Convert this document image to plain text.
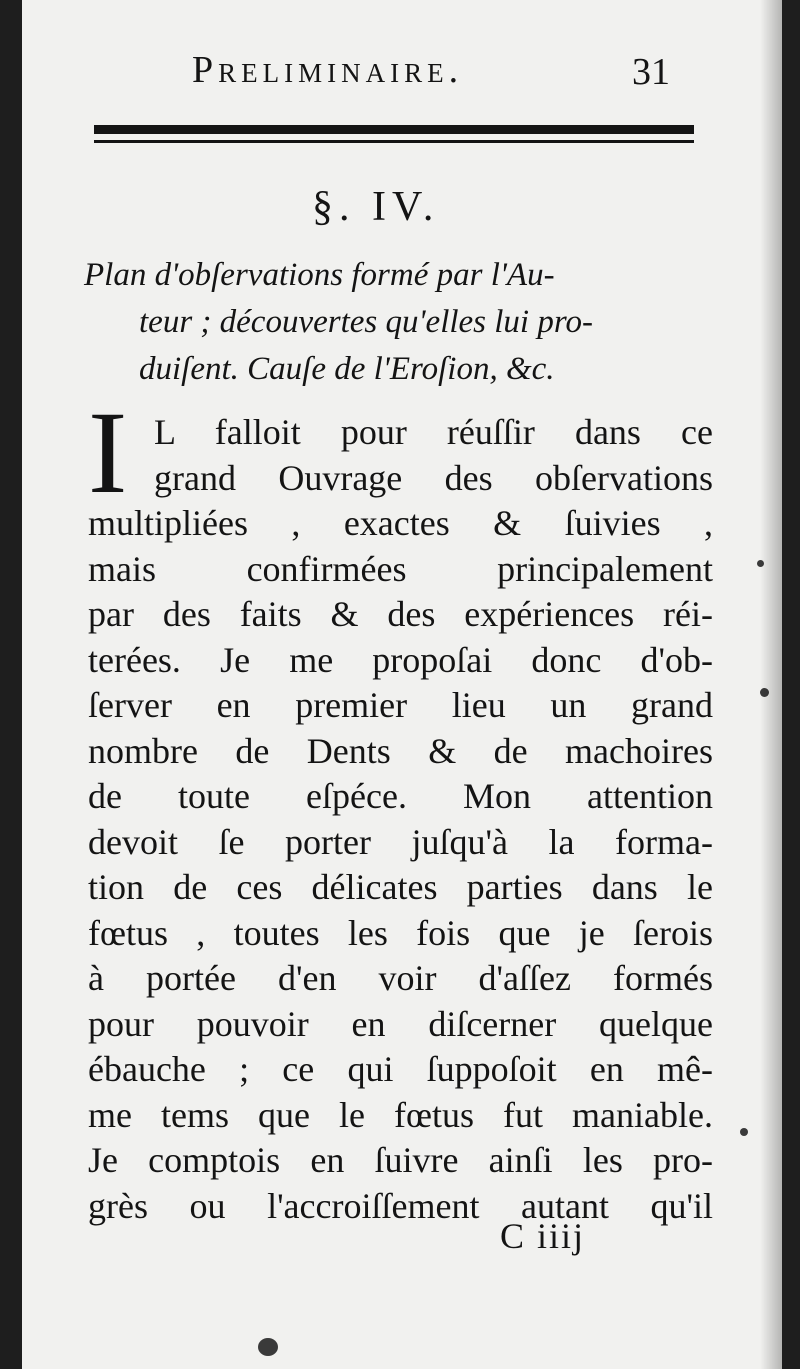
Preliminaire.	31
§. IV.
Plan d'obſervations formé par l'Au-
teur ; découvertes qu'elles lui pro-
duiſent. Cauſe de l'Eroſion, &c.
I L falloit pour réuſſir dans ce
grand Ouvrage des obſervations
multipliées , exactes & ſuivies ,
mais confirmées principalement
par des faits & des expériences réi-
terées. Je me propoſai donc d'ob-
ſerver en premier lieu un grand
nombre de Dents & de machoires
de toute eſpéce. Mon attention
devoit ſe porter juſqu'à la forma-
tion de ces délicates parties dans le
fœtus , toutes les fois que je ſerois
à portée d'en voir d'aſſez formés
pour pouvoir en diſcerner quelque
ébauche ; ce qui ſuppoſoit en mê-
me tems que le fœtus fut maniable.
Je comptois en ſuivre ainſi les pro-
grès ou l'accroiſſement autant qu'il
C iiij
